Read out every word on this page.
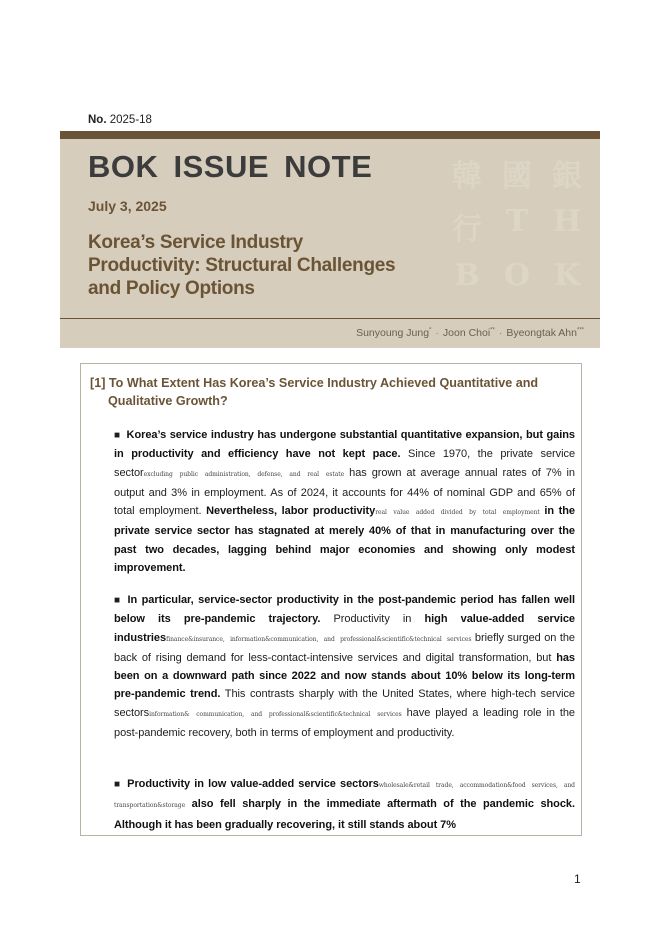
No. 2025-18
韓 國 銀
行 T H
B O K
BOK ISSUE NOTE
July 3, 2025
Korea’s Service Industry Productivity: Structural Challenges and Policy Options
Sunyoung Jung* · Joon Choi** · Byeongtak Ahn***
[1] To What Extent Has Korea’s Service Industry Achieved Quantitative and
Qualitative Growth?
■ Korea’s service industry has undergone substantial quantitative expansion, but gains in productivity and efficiency have not kept pace. Since 1970, the private service sectorexcluding public administration, defense, and real estate has grown at average annual rates of 7% in output and 3% in employment. As of 2024, it accounts for 44% of nominal GDP and 65% of total employment. Nevertheless, labor productivityreal value added divided by total employment in the private service sector has stagnated at merely 40% of that in manufacturing over the past two decades, lagging behind major economies and showing only modest improvement.
■ In particular, service-sector productivity in the post-pandemic period has fallen well below its pre-pandemic trajectory. Productivity in high value-added service industriesfinance&insurance, information&communication, and professional&scientific&technical services briefly surged on the back of rising demand for less-contact-intensive services and digital transformation, but has been on a downward path since 2022 and now stands about 10% below its long-term pre-pandemic trend. This contrasts sharply with the United States, where high-tech service sectorsinformation& communication, and professional&scientific&technical services have played a leading role in the post-pandemic recovery, both in terms of employment and productivity.
■ Productivity in low value-added service sectorswholesale&retail trade, accommodation&food services, and transportation&storage also fell sharply in the immediate aftermath of the pandemic shock. Although it has been gradually recovering, it still stands about 7%
1
